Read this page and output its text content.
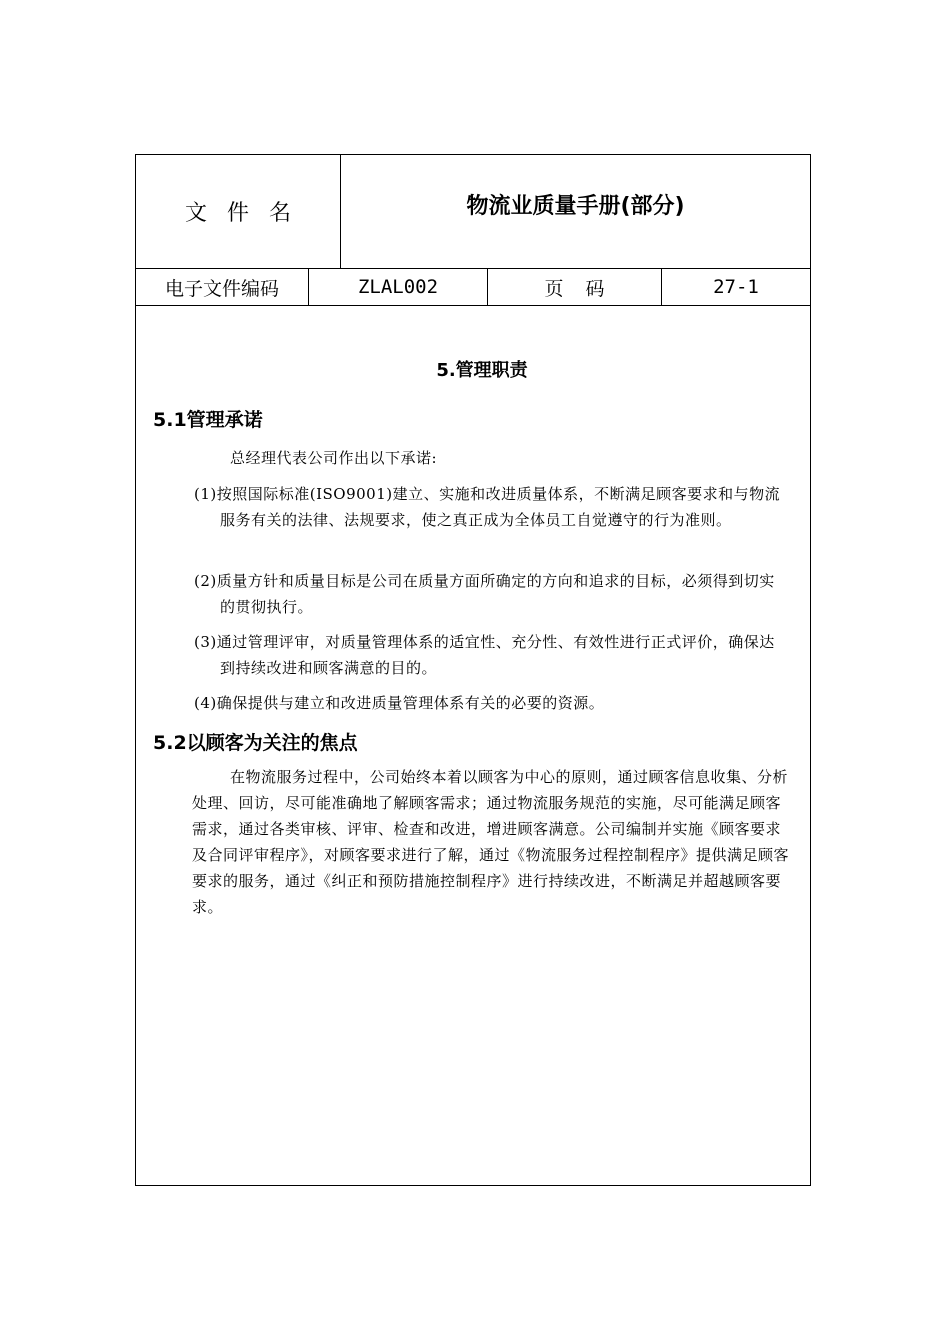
文件名	物流业质量手册(部分)
电子文件编码	ZLAL002	页码	27-1
5.管理职责
5.1管理承诺
总经理代表公司作出以下承诺:
(1)按照国际标准(ISO9001)建立、实施和改进质量体系，不断满足顾客要求和与物流服务有关的法律、法规要求，使之真正成为全体员工自觉遵守的行为准则。
(2)质量方针和质量目标是公司在质量方面所确定的方向和追求的目标，必须得到切实的贯彻执行。
(3)通过管理评审，对质量管理体系的适宜性、充分性、有效性进行正式评价，确保达到持续改进和顾客满意的目的。
(4)确保提供与建立和改进质量管理体系有关的必要的资源。
5.2以顾客为关注的焦点
在物流服务过程中，公司始终本着以顾客为中心的原则，通过顾客信息收集、分析处理、回访，尽可能准确地了解顾客需求；通过物流服务规范的实施，尽可能满足顾客需求，通过各类审核、评审、检查和改进，增进顾客满意。公司编制并实施《顾客要求及合同评审程序》，对顾客要求进行了解，通过《物流服务过程控制程序》提供满足顾客要求的服务，通过《纠正和预防措施控制程序》进行持续改进，不断满足并超越顾客要求。
